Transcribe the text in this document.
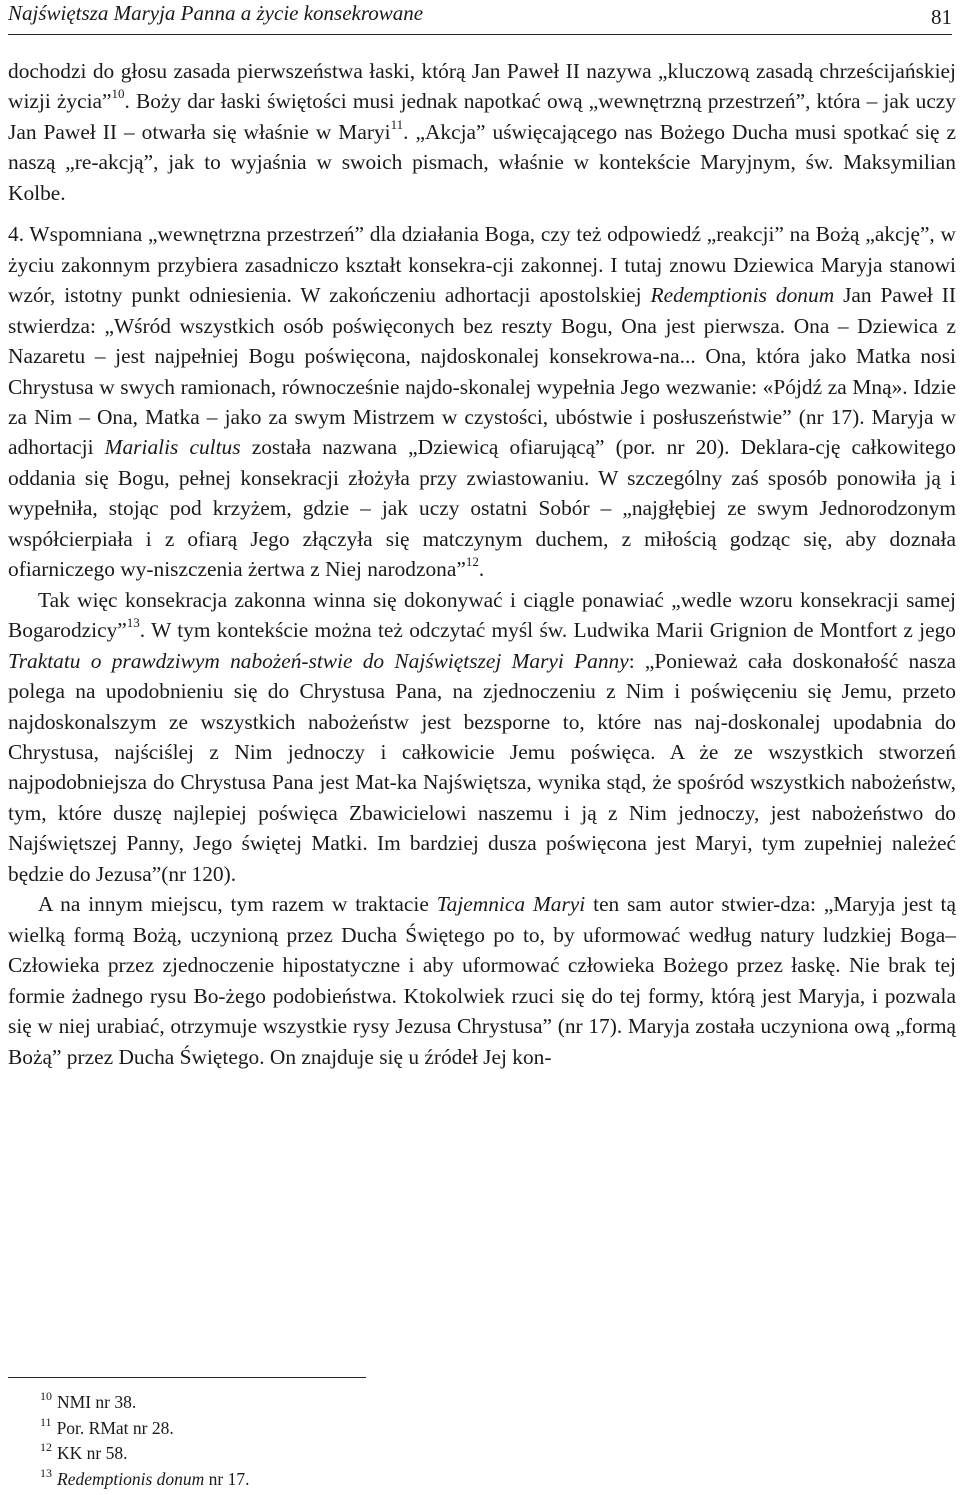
Najświętsza Maryja Panna a życie konsekrowane	81

dochodzi do głosu zasada pierwszeństwa łaski, którą Jan Paweł II nazywa „kluczową zasadą chrześcijańskiej wizji życia”$^{10}$. Boży dar łaski świętości musi jednak napotkać ową „wewnętrzną przestrzeń”, która – jak uczy Jan Paweł II – otwarła się właśnie w Maryi$^{11}$. „Akcja” uświęcającego nas Bożego Ducha musi spotkać się z naszą „re-akcją”, jak to wyjaśnia w swoich pismach, właśnie w kontekście Maryjnym, św. Maksymilian Kolbe.

4. Wspomniana „wewnętrzna przestrzeń” dla działania Boga, czy też odpowiedź „reakcji” na Bożą „akcję”, w życiu zakonnym przybiera zasadniczo kształt konsekra-cji zakonnej. I tutaj znowu Dziewica Maryja stanowi wzór, istotny punkt odniesienia. W zakończeniu adhortacji apostolskiej Redemptionis donum Jan Paweł II stwierdza: „Wśród wszystkich osób poświęconych bez reszty Bogu, Ona jest pierwsza. Ona – Dziewica z Nazaretu – jest najpełniej Bogu poświęcona, najdoskonalej konsekrowa-na... Ona, która jako Matka nosi Chrystusa w swych ramionach, równocześnie najdo-skonalej wypełnia Jego wezwanie: «Pójdź za Mną». Idzie za Nim – Ona, Matka – jako za swym Mistrzem w czystości, ubóstwie i posłuszeństwie” (nr 17). Maryja w adhortacji Marialis cultus została nazwana „Dziewicą ofiarującą” (por. nr 20). Deklara-cję całkowitego oddania się Bogu, pełnej konsekracji złożyła przy zwiastowaniu. W szczególny zaś sposób ponowiła ją i wypełniła, stojąc pod krzyżem, gdzie – jak uczy ostatni Sobór – „najgłębiej ze swym Jednorodzonym współcierpiała i z ofiarą Jego złączyła się matczynym duchem, z miłością godząc się, aby doznała ofiarniczego wy-niszczenia żertwa z Niej narodzona”$^{12}$.

Tak więc konsekracja zakonna winna się dokonywać i ciągle ponawiać „wedle wzoru konsekracji samej Bogarodzicy”$^{13}$. W tym kontekście można też odczytać myśl św. Ludwika Marii Grignion de Montfort z jego Traktatu o prawdziwym nabożeń-stwie do Najświętszej Maryi Panny: „Ponieważ cała doskonałość nasza polega na upodobnieniu się do Chrystusa Pana, na zjednoczeniu z Nim i poświęceniu się Jemu, przeto najdoskonalszym ze wszystkich nabożeństw jest bezsporne to, które nas naj-doskonalej upodabnia do Chrystusa, najściślej z Nim jednoczy i całkowicie Jemu poświęca. A że ze wszystkich stworzeń najpodobniejsza do Chrystusa Pana jest Mat-ka Najświętsza, wynika stąd, że spośród wszystkich nabożeństw, tym, które duszę najlepiej poświęca Zbawicielowi naszemu i ją z Nim jednoczy, jest nabożeństwo do Najświętszej Panny, Jego świętej Matki. Im bardziej dusza poświęcona jest Maryi, tym zupełniej należeć będzie do Jezusa”(nr 120).

A na innym miejscu, tym razem w traktacie Tajemnica Maryi ten sam autor stwier-dza: „Maryja jest tą wielką formą Bożą, uczynioną przez Ducha Świętego po to, by uformować według natury ludzkiej Boga–Człowieka przez zjednoczenie hipostatyczne i aby uformować człowieka Bożego przez łaskę. Nie brak tej formie żadnego rysu Bo-żego podobieństwa. Ktokolwiek rzuci się do tej formy, którą jest Maryja, i pozwala się w niej urabiać, otrzymuje wszystkie rysy Jezusa Chrystusa” (nr 17). Maryja została uczyniona ową „formą Bożą” przez Ducha Świętego. On znajduje się u źródeł Jej kon-

$^{10}$ NMI nr 38.
$^{11}$ Por. RMat nr 28.
$^{12}$ KK nr 58.
$^{13}$ Redemptionis donum nr 17.
